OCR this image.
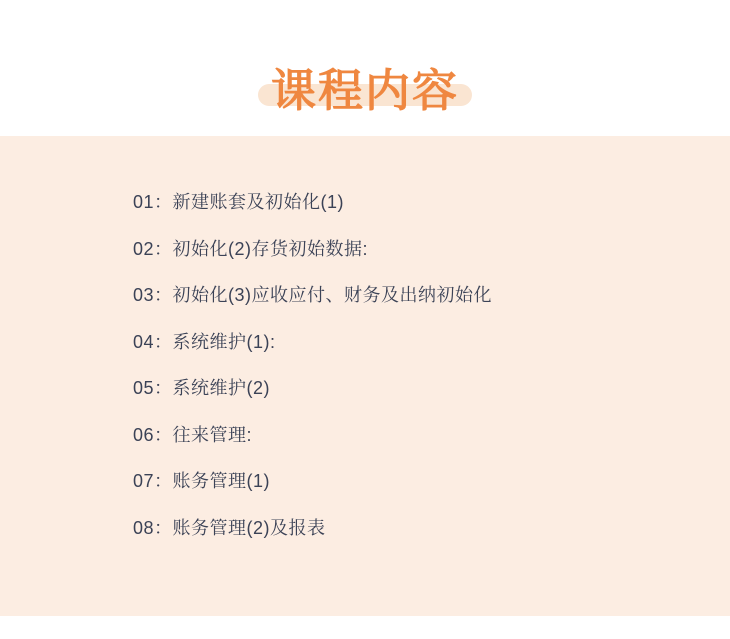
课程内容
01：新建账套及初始化(1)
02：初始化(2)存货初始数据:
03：初始化(3)应收应付、财务及出纳初始化
04：系统维护(1):
05：系统维护(2)
06：往来管理:
07：账务管理(1)
08：账务管理(2)及报表
